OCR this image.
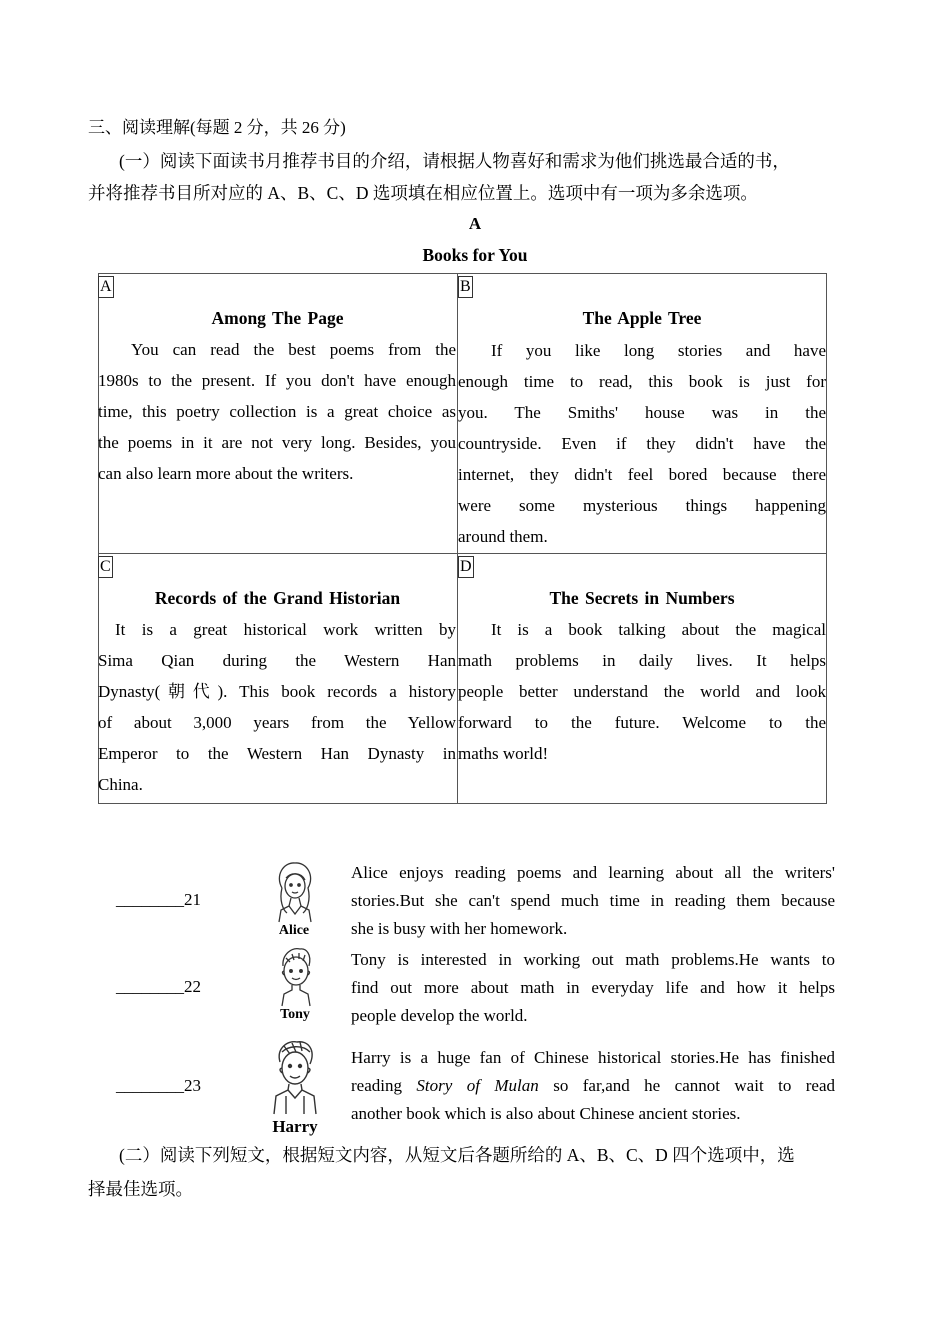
三、阅读理解(每题 2 分，共 26 分)
(一）阅读下面读书月推荐书目的介绍，请根据人物喜好和需求为他们挑选最合适的书，
并将推荐书目所对应的 A、B、C、D 选项填在相应位置上。选项中有一项为多余选项。
A
Books for You
A
Among The Page
You can read the best poems from the
1980s to the present. If you don't have enough
time, this poetry collection is a great choice as
the poems in it are not very long. Besides, you
can also learn more about the writers.
B
The Apple Tree
If you like long stories and have
enough time to read, this book is just for
you. The Smiths' house was in the
countryside. Even if they didn't have the
internet, they didn't feel bored because there
were some mysterious things happening
around them.
C
Records of the Grand Historian
It is a great historical work written by
Sima Qian during the Western Han
Dynasty(朝代). This book records a history
of about 3,000 years from the Yellow
Emperor to the Western Han Dynasty in
China.
D
The Secrets in Numbers
It is a book talking about the magical
math problems in daily lives. It helps
people better understand the world and look
forward to the future. Welcome to the
maths world!
________21
Alice
Alice enjoys reading poems and learning about all the writers'
stories.But she can't spend much time in reading them because
she is busy with her homework.
________22
Tony
Tony is interested in working out math problems.He wants to
find out more about math in everyday life and how it helps
people develop the world.
________23
Harry
Harry is a huge fan of Chinese historical stories.He has finished
reading Story of Mulan so far,and he cannot wait to read
another book which is also about Chinese ancient stories.
(二）阅读下列短文，根据短文内容，从短文后各题所给的 A、B、C、D 四个选项中，选
择最佳选项。
